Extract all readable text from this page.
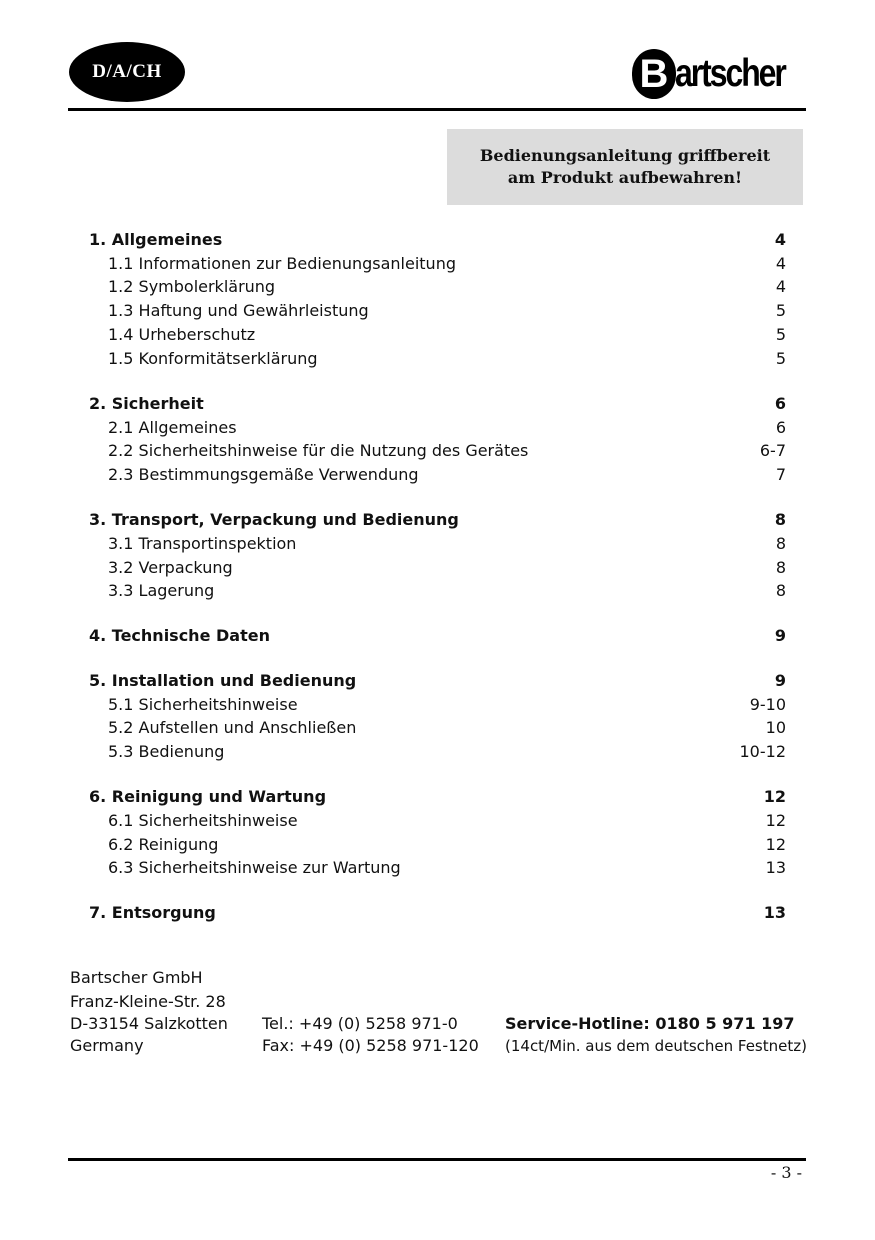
D/A/CH	B artscher
Bedienungsanleitung griffbereit
am Produkt aufbewahren!
1. Allgemeines	4
1.1 Informationen zur Bedienungsanleitung	4
1.2 Symbolerklärung	4
1.3 Haftung und Gewährleistung	5
1.4 Urheberschutz	5
1.5 Konformitätserklärung	5
2. Sicherheit	6
2.1 Allgemeines	6
2.2 Sicherheitshinweise für die Nutzung des Gerätes	6-7
2.3 Bestimmungsgemäße Verwendung	7
3. Transport, Verpackung und Bedienung	8
3.1 Transportinspektion	8
3.2 Verpackung	8
3.3 Lagerung	8
4. Technische Daten	9
5. Installation und Bedienung	9
5.1 Sicherheitshinweise	9-10
5.2 Aufstellen und Anschließen	10
5.3 Bedienung	10-12
6. Reinigung und Wartung	12
6.1 Sicherheitshinweise	12
6.2 Reinigung	12
6.3 Sicherheitshinweise zur Wartung	13
7. Entsorgung	13
Bartscher GmbH
Franz-Kleine-Str. 28
D-33154 Salzkotten
Germany
Tel.: +49 (0) 5258 971-0
Fax: +49 (0) 5258 971-120
Service-Hotline: 0180 5 971 197
(14ct/Min. aus dem deutschen Festnetz)
- 3 -
